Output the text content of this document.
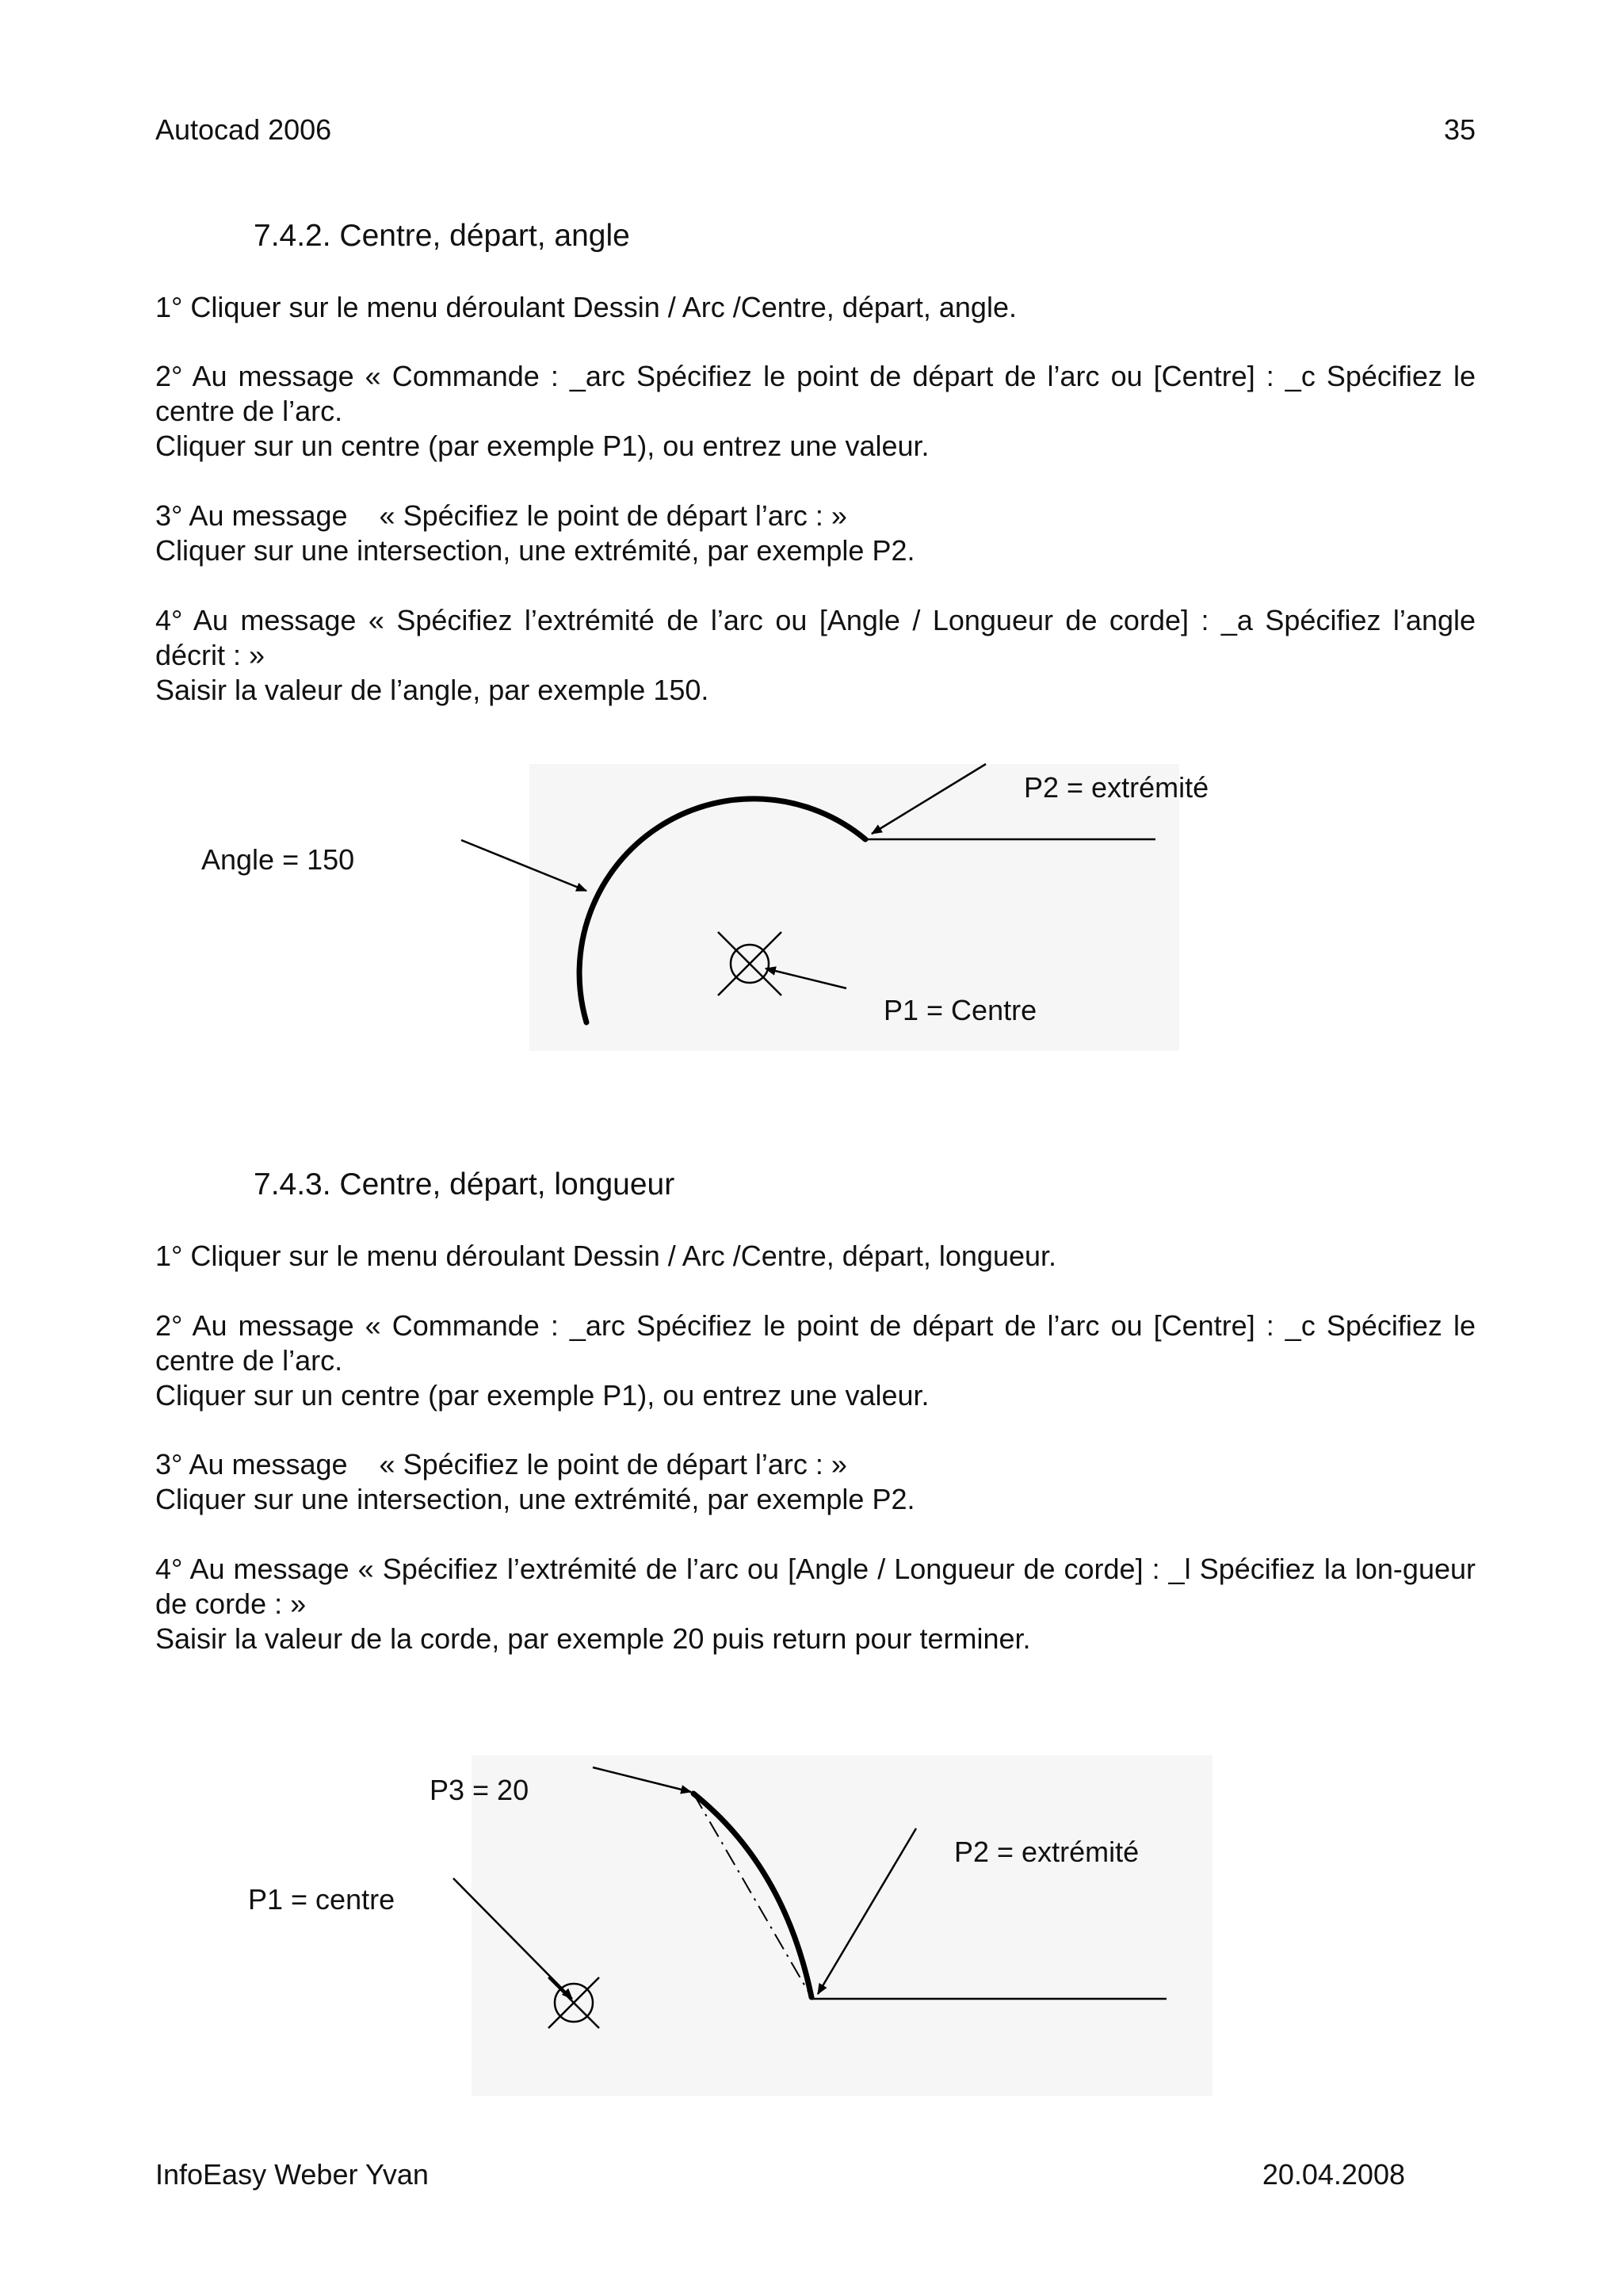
Autocad 2006	35
7.4.2. Centre, départ, angle

1° Cliquer sur le menu déroulant Dessin / Arc /Centre, départ, angle.

2° Au message « Commande : _arc Spécifiez le point de départ de l’arc ou [Centre] : _c Spécifiez le centre de l’arc.

Cliquer sur un centre (par exemple P1), ou entrez une valeur.

3° Au message    « Spécifiez le point de départ l’arc : »

Cliquer sur une intersection, une extrémité, par exemple P2.

4° Au message « Spécifiez l’extrémité de l’arc ou [Angle / Longueur de corde] : _a Spécifiez l’angle décrit : »

Saisir la valeur de l’angle, par exemple 150.

7.4.3. Centre, départ, longueur

1° Cliquer sur le menu déroulant Dessin / Arc /Centre, départ, longueur.

2° Au message « Commande : _arc Spécifiez le point de départ de l’arc ou [Centre] : _c Spécifiez le centre de l’arc.

Cliquer sur un centre (par exemple P1), ou entrez une valeur.

3° Au message    « Spécifiez le point de départ l’arc : »

Cliquer sur une intersection, une extrémité, par exemple P2.

4° Au message « Spécifiez l’extrémité de l’arc ou [Angle / Longueur de corde] : _l Spécifiez la lon-gueur de corde : »

Saisir la valeur de la corde, par exemple 20 puis return pour terminer.

Angle = 150
P2 = extrémité
P1 = Centre
P3 = 20
P2 = extrémité
P1 = centre
InfoEasy Weber Yvan	20.04.2008
